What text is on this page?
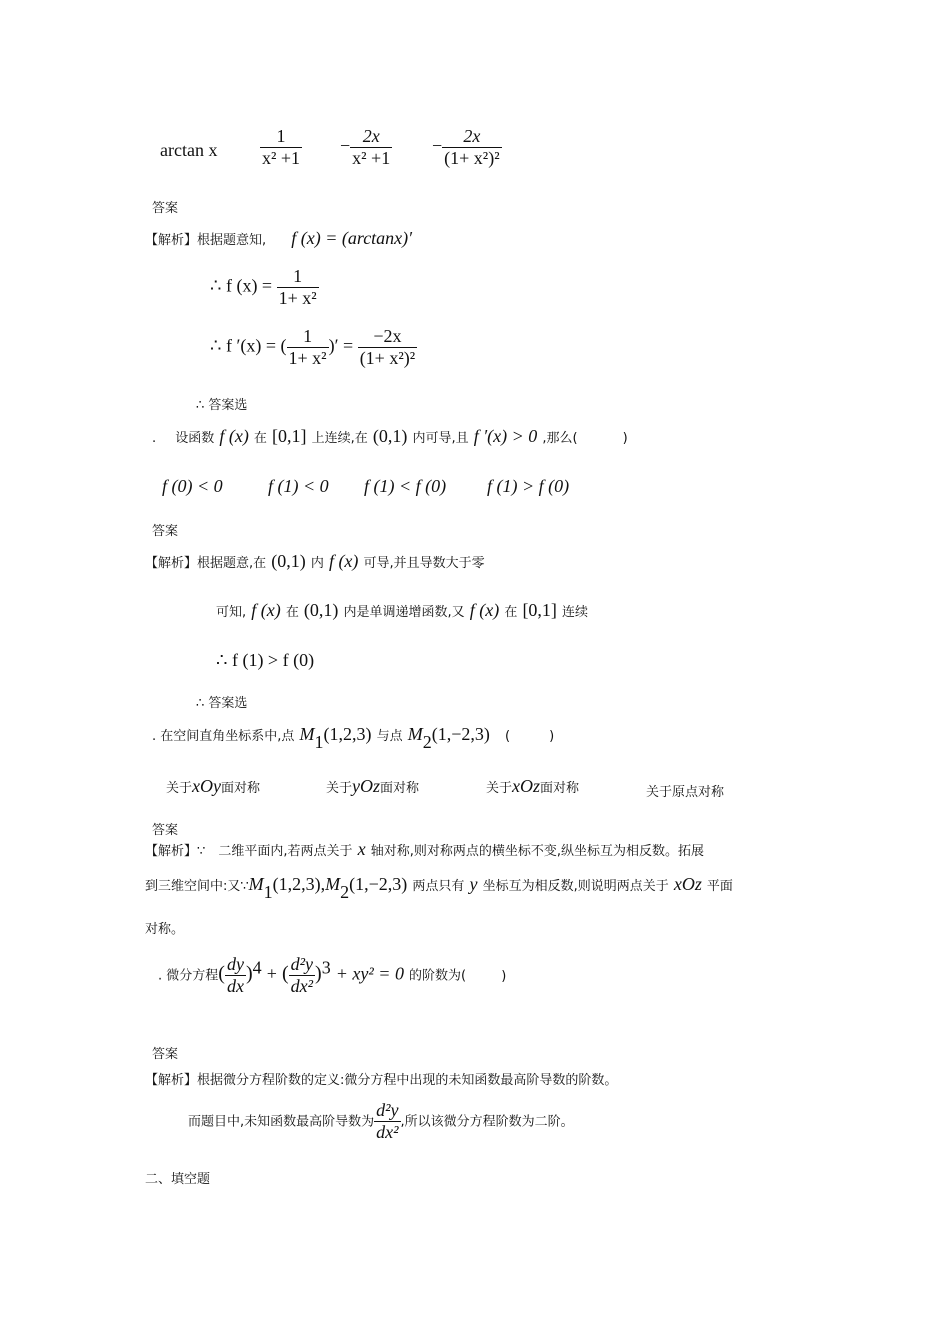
arctan x $\frac{1}{\text{x² +1}} - \frac{2x}{\text{x² +1}} - \frac{2x}{\text{(1+ x²)²}}$
答案
【解析】根据题意知, f (x) = (arctanx)′
∴ f $(x) = \frac{1}{\text{1+ x²}}$
∴ f ′(x) = ( $\frac{1}{\text{1+ x²}}$ )′ = $\frac{-2x}{\text{(1+ x²)²}}$
∴ 答案选
. 设函数 f (x) 在 [0,1] 上连续,在 (0,1) 内可导,且 f ′(x) > 0 ,那么(	)
f (0) < 0	f (1) < 0 f (1) < f (0) f (1) > f (0)
答案
【解析】根据题意,在 (0,1) 内 f (x) 可导,并且导数大于零
可知, f (x) 在 (0,1) 内是单调递增函数,又 f (x) 在 [0,1] 连续
∴ f (1) > f (0)
∴ 答案选
. 在空间直角坐标系中,点 $M_1(1,2,3)$ 与点 $M_2(1,-2,3)$ (	)
关于xOy面对称	关于yOz面对称	关于xOz面对称	关于原点对称
答案
【解析】∵ 二维平面内,若两点关于 x 轴对称,则对称两点的横坐标不变,纵坐标互为相反数。拓展
到三维空间中:又$\because M_1(1,2,3),M_2(1,-2,3)$ 两点只有 y 坐标互为相反数,则说明两点关于 xOz 平面
对称。
. 微分方程( $\frac{dy}{dx} )^4$ + ( $\frac{\text{d²y}}{\text{dx²}} )^3 + xy^2 = 0$ 的阶数为(	)
答案
【解析】根据微分方程阶数的定义:微分方程中出现的未知函数最高阶导数的阶数。
而题目中,未知函数最高阶导数为 $\frac{\text{d²y}}{\text{dx²}}$ ,所以该微分方程阶数为二阶。
二、填空题
